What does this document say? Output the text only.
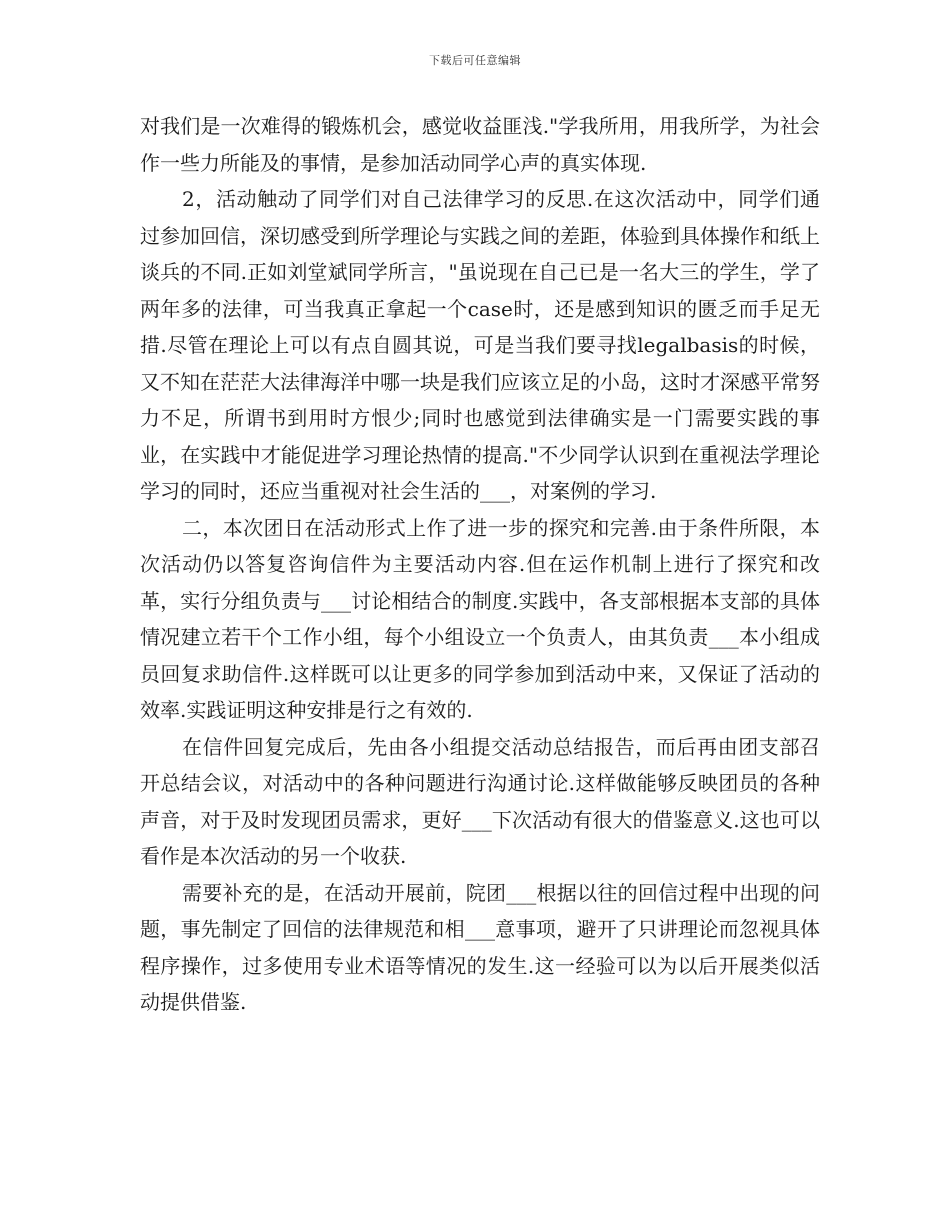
下载后可任意编辑

对我们是一次难得的锻炼机会，感觉收益匪浅."学我所用，用我所学，为社会作一些力所能及的事情，是参加活动同学心声的真实体现.

2，活动触动了同学们对自己法律学习的反思.在这次活动中，同学们通过参加回信，深切感受到所学理论与实践之间的差距，体验到具体操作和纸上谈兵的不同.正如刘堂斌同学所言，"虽说现在自己已是一名大三的学生，学了两年多的法律，可当我真正拿起一个case时，还是感到知识的匮乏而手足无措.尽管在理论上可以有点自圆其说，可是当我们要寻找legalbasis的时候，又不知在茫茫大法律海洋中哪一块是我们应该立足的小岛，这时才深感平常努力不足，所谓书到用时方恨少;同时也感觉到法律确实是一门需要实践的事业，在实践中才能促进学习理论热情的提高."不少同学认识到在重视法学理论学习的同时，还应当重视对社会生活的___，对案例的学习.

二，本次团日在活动形式上作了进一步的探究和完善.由于条件所限，本次活动仍以答复咨询信件为主要活动内容.但在运作机制上进行了探究和改革，实行分组负责与___讨论相结合的制度.实践中，各支部根据本支部的具体情况建立若干个工作小组，每个小组设立一个负责人，由其负责___本小组成员回复求助信件.这样既可以让更多的同学参加到活动中来，又保证了活动的效率.实践证明这种安排是行之有效的.

在信件回复完成后，先由各小组提交活动总结报告，而后再由团支部召开总结会议，对活动中的各种问题进行沟通讨论.这样做能够反映团员的各种声音，对于及时发现团员需求，更好___下次活动有很大的借鉴意义.这也可以看作是本次活动的另一个收获.

需要补充的是，在活动开展前，院团___根据以往的回信过程中出现的问题，事先制定了回信的法律规范和相___意事项，避开了只讲理论而忽视具体程序操作，过多使用专业术语等情况的发生.这一经验可以为以后开展类似活动提供借鉴.
